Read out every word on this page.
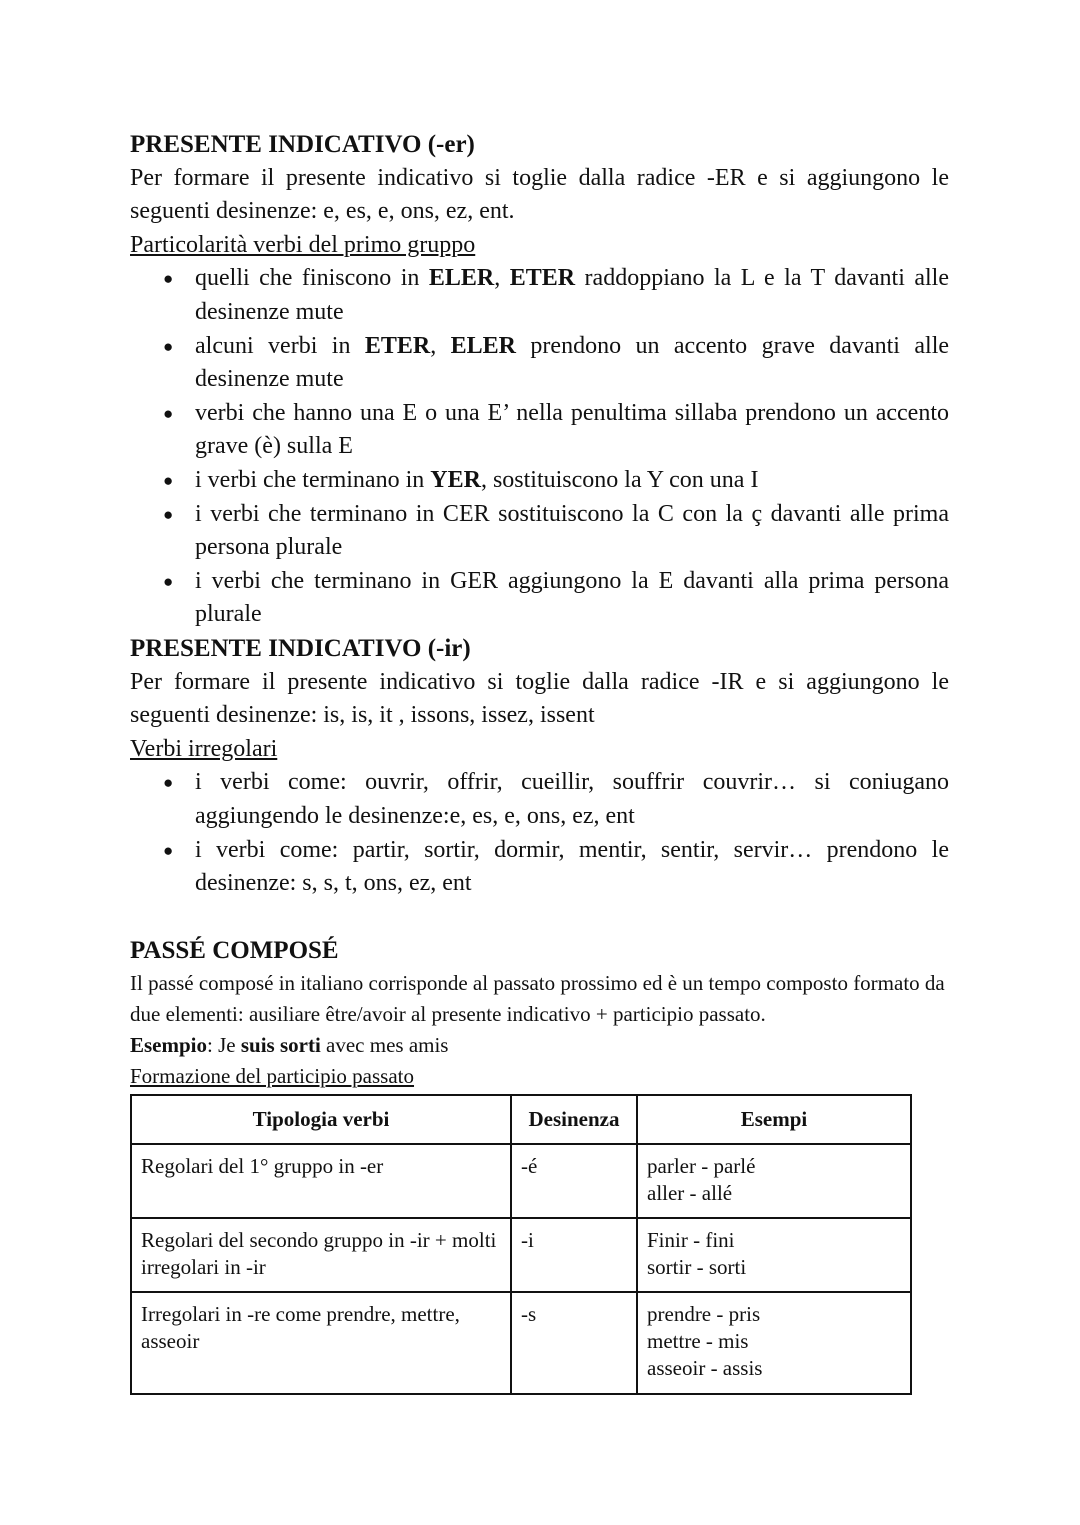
PRESENTE INDICATIVO (-er)

Per formare il presente indicativo si toglie dalla radice -ER e si aggiungono le seguenti desinenze: e, es, e, ons, ez, ent.

Particolarità verbi del primo gruppo
● quelli che finiscono in ELER, ETER raddoppiano la L e la T davanti alle desinenze mute
● alcuni verbi in ETER, ELER prendono un accento grave davanti alle desinenze mute
● verbi che hanno una E o una E’ nella penultima sillaba prendono un accento grave (è) sulla E
● i verbi che terminano in YER, sostituiscono la Y con una I
● i verbi che terminano in CER sostituiscono la C con la ç davanti alle prima persona plurale
● i verbi che terminano in GER aggiungono la E davanti alla prima persona plurale
PRESENTE INDICATIVO (-ir)

Per formare il presente indicativo si toglie dalla radice -IR e si aggiungono le seguenti desinenze: is, is, it , issons, issez, issent

Verbi irregolari
● i verbi come: ouvrir, offrir, cueillir, souffrir couvrir… si coniugano aggiungendo le desinenze:e, es, e, ons, ez, ent
● i verbi come: partir, sortir, dormir, mentir, sentir, servir… prendono le desinenze: s, s, t, ons, ez, ent
PASSÉ COMPOSÉ

Il passé composé in italiano corrisponde al passato prossimo ed è un tempo composto formato da due elementi: ausiliare être/avoir al presente indicativo + participio passato.

Esempio: Je suis sorti avec mes amis
Formazione del participio passato
Tipologia verbi	Desinenza	Esempi
Regolari del 1° gruppo in -er	-é	parler - parlé
aller - allé

Regolari del secondo gruppo in -ir + molti irregolari in -ir	-i	Finir - fini
sortir - sorti

Irregolari in -re come prendre, mettre, asseoir	-s	prendre - pris
mettre - mis
asseoir - assis
